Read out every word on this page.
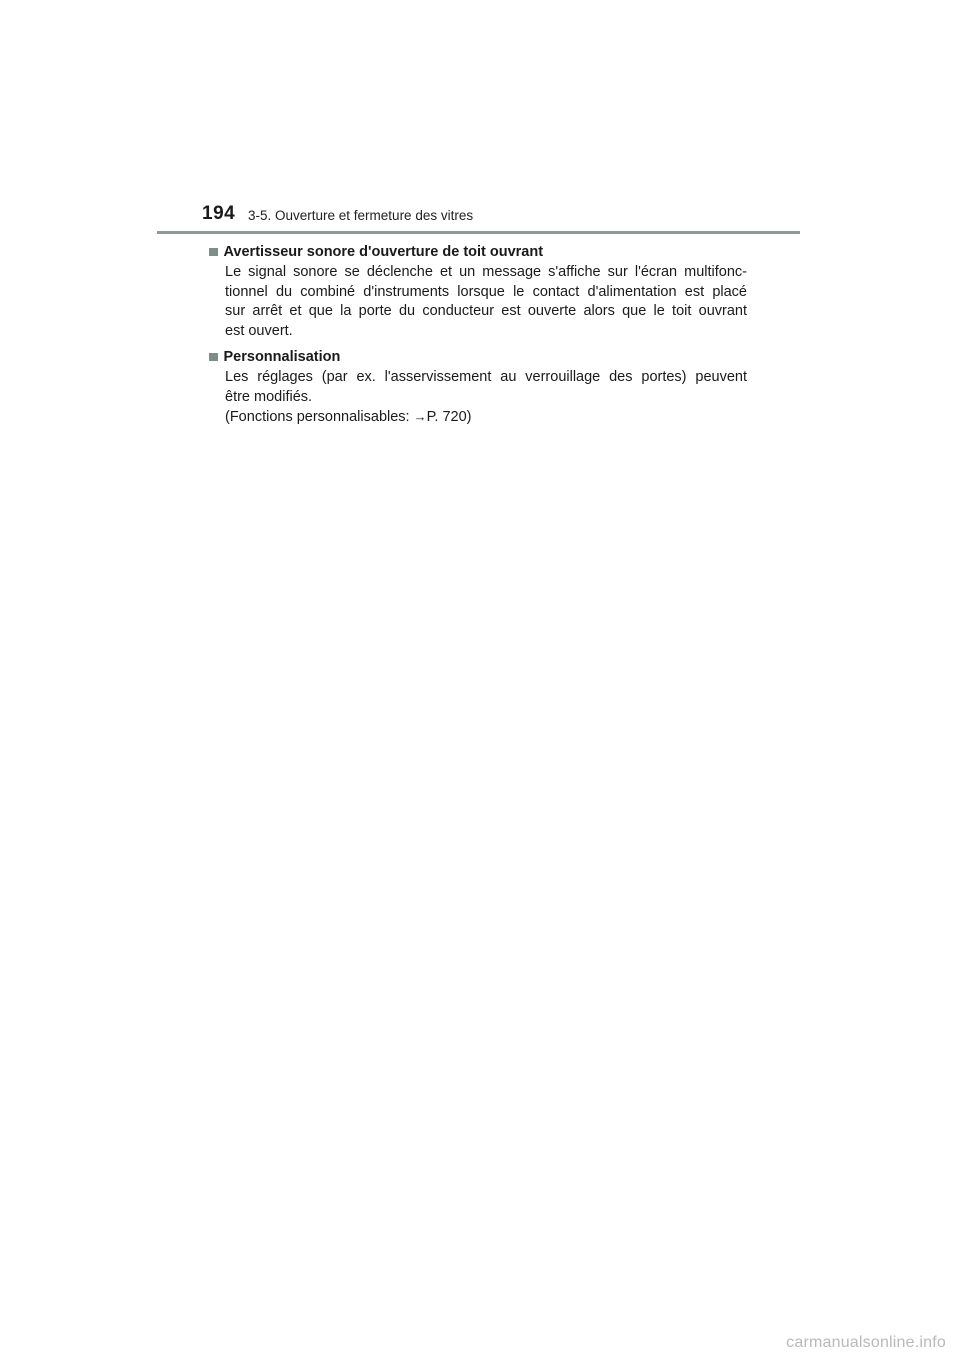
194 3-5. Ouverture et fermeture des vitres
Avertisseur sonore d'ouverture de toit ouvrant
Le signal sonore se déclenche et un message s'affiche sur l'écran multifonc-
tionnel du combiné d'instruments lorsque le contact d'alimentation est placé
sur arrêt et que la porte du conducteur est ouverte alors que le toit ouvrant
est ouvert.
Personnalisation
Les réglages (par ex. l'asservissement au verrouillage des portes) peuvent
être modifiés.
(Fonctions personnalisables: →P. 720)
carmanualsonline.info
